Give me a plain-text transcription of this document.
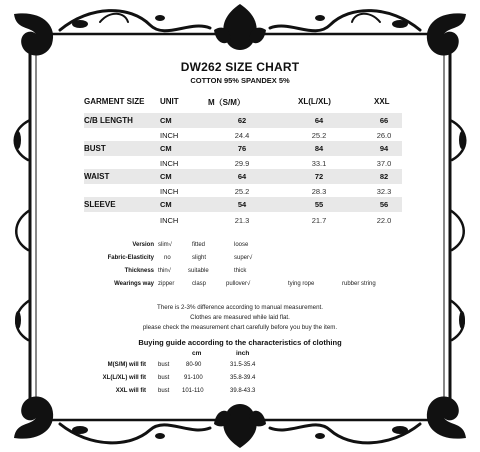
DW262 SIZE CHART
COTTON 95% SPANDEX 5%
GARMENT SIZE UNIT	M（S/M）	XL(L/XL)	XXL
C/B LENGTH	CM	62	64	66
INCH	24.4	25.2	26.0
BUST	CM	76	84	94
INCH	29.9	33.1	37.0
WAIST	CM	64	72	82
INCH	25.2	28.3	32.3
SLEEVE	CM	54	55	56
INCH	21.3	21.7	22.0
Version slim√	fitted	loose
Fabric-Elasticity no	slight	super√
Thickness thin√	suitable	thick
Wearings way zipper	clasp	pullover√	tying rope	rubber string
There is 2-3% difference according to manual measurement.
Clothes are measured while laid flat.
please check the measurement chart carefully before you buy the item.
Buying guide according to the characteristics of clothing
cm	inch
M(S/M) will fit bust	80-90	31.5-35.4
XL(L/XL) will fit bust 91-100	35.8-39.4
XXL will fit bust 101-110	39.8-43.3
